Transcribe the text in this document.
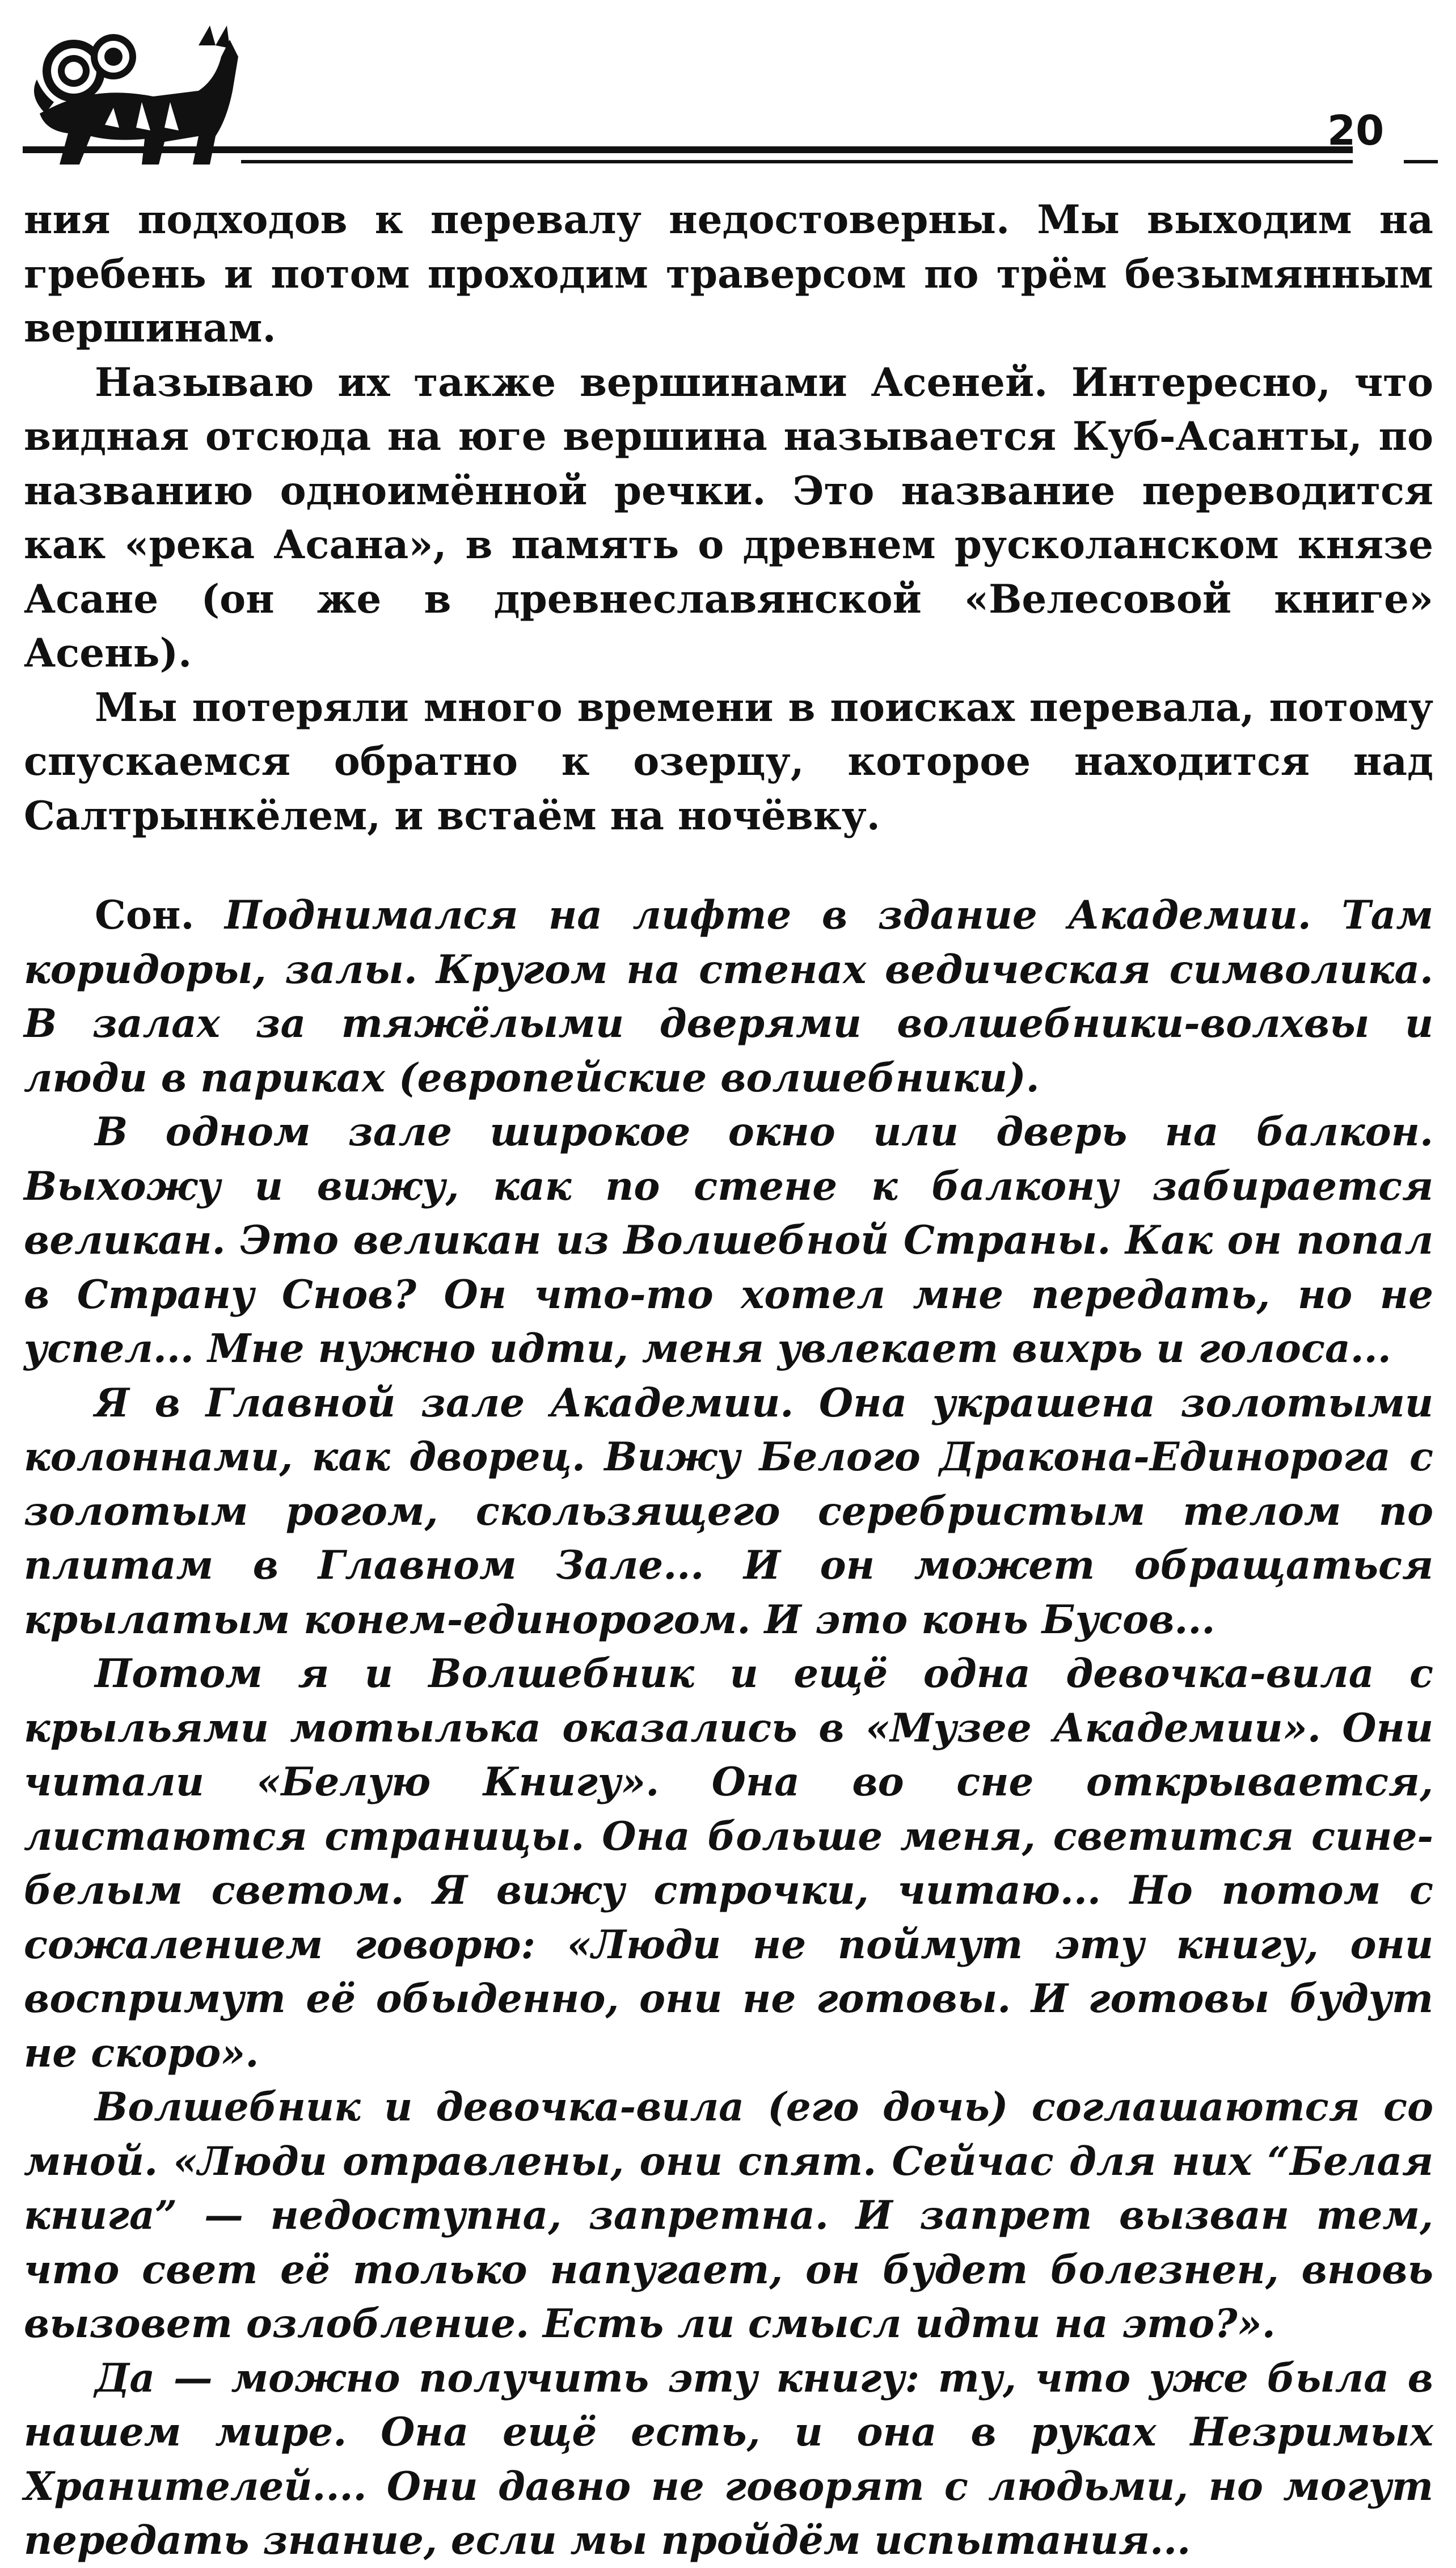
20

ния подходов к перевалу недостоверны. Мы выходим на гребень и потом проходим траверсом по трём безымянным вершинам.

Называю их также вершинами Асеней. Интересно, что видная отсюда на юге вершина называется Куб-Асанты, по названию одноимённой речки. Это название переводится как «река Асана», в память о древнем русколанском князе Асане (он же в древнеславянской «Велесовой книге» Асень).

Мы потеряли много времени в поисках перевала, потому спускаемся обратно к озерцу, которое находится над Салтрынкёлем, и встаём на ночёвку.

Сон. Поднимался на лифте в здание Академии. Там коридоры, залы. Кругом на стенах ведическая символика. В залах за тяжёлыми дверями волшебники-волхвы и люди в париках (европейские волшебники).

В одном зале широкое окно или дверь на балкон. Выхожу и вижу, как по стене к балкону забирается великан. Это великан из Волшебной Страны. Как он попал в Страну Снов? Он что-то хотел мне передать, но не успел... Мне нужно идти, меня увлекает вихрь и голоса...

Я в Главной зале Академии. Она украшена золотыми колоннами, как дворец. Вижу Белого Дракона-Единорога с золотым рогом, скользящего серебристым телом по плитам в Главном Зале... И он может обращаться крылатым конем-единорогом. И это конь Бусов...

Потом я и Волшебник и ещё одна девочка-вила с крыльями мотылька оказались в «Музее Академии». Они читали «Белую Книгу». Она во сне открывается, листаются страницы. Она больше меня, светится сине-белым светом. Я вижу строчки, читаю... Но потом с сожалением говорю: «Люди не поймут эту книгу, они воспримут её обыденно, они не готовы. И готовы будут не скоро».

Волшебник и девочка-вила (его дочь) соглашаются со мной. «Люди отравлены, они спят. Сейчас для них “Белая книга” — недоступна, запретна. И запрет вызван тем, что свет её только напугает, он будет болезнен, вновь вызовет озлобление. Есть ли смысл идти на это?».

Да — можно получить эту книгу: ту, что уже была в нашем мире. Она ещё есть, и она в руках Незримых Хранителей.... Они давно не говорят с людьми, но могут передать знание, если мы пройдём испытания...
